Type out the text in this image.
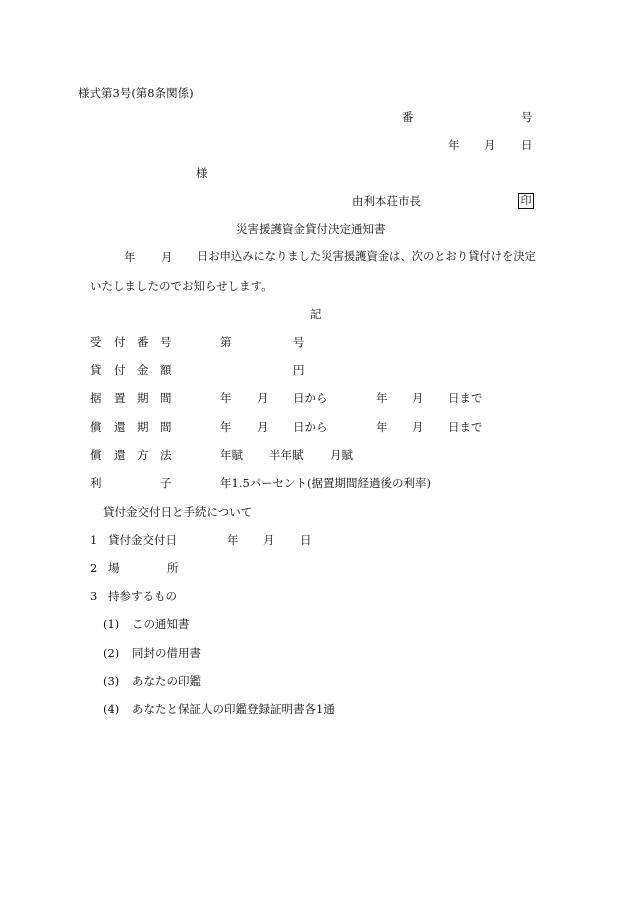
様式第3号(第8条関係)
番	号
年 月 日
様
由利本荘市長	印
災害援護資金貸付決定通知書
年 月 日お申込みになりました災害援護資金は、次のとおり貸付けを決定
いたしましたのでお知らせします。
記
受 付 番 号	第	号
貸 付 金 額	円
据 置 期 間	年 月 日から	年 月 日まで
償 還 期 間	年 月 日から	年 月 日まで
償 還 方 法	年賦 半年賦 月賦
利	子	年1.5パーセント(据置期間経過後の利率)
貸付金交付日と手続について
1 貸付金交付日	年 月 日
2 場	所
3 持参するもの
(1) この通知書
(2) 同封の借用書
(3) あなたの印鑑
(4) あなたと保証人の印鑑登録証明書各1通
